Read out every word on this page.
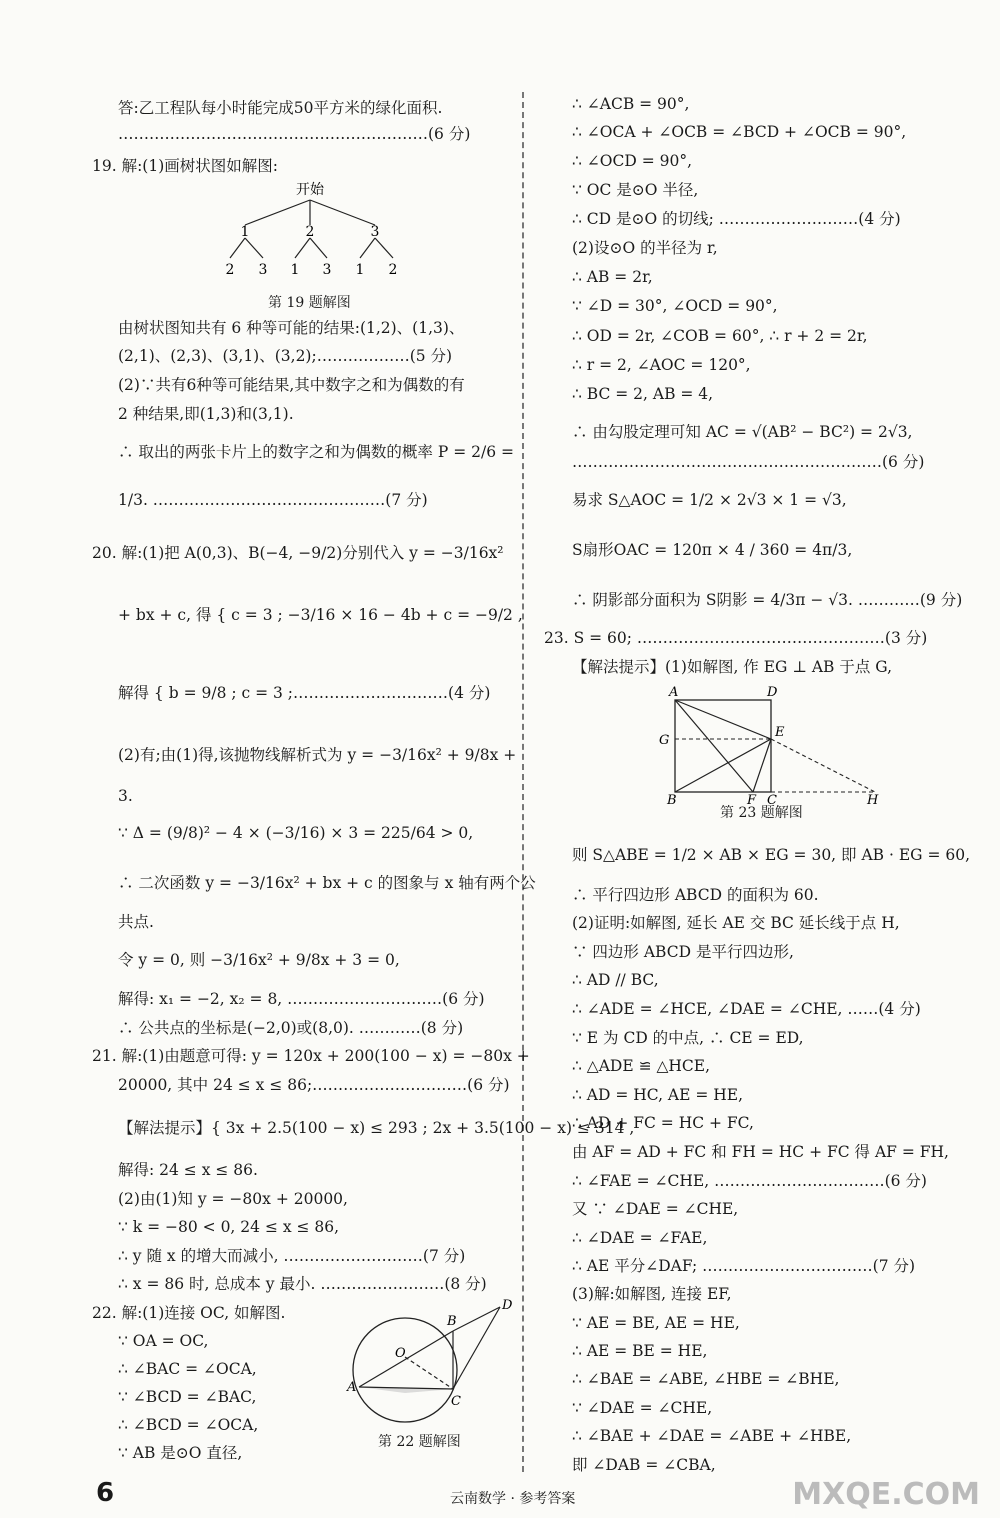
开始
1	2	3
2 3 1 3 1 2
第 19 题解图
D
B
O
A
C
第 22 题解图
A	D
G
E
B	F C	H
第 23 题解图
6	云南数学 · 参考答案	MXQE.COM
答:乙工程队每小时能完成50平方米的绿化面积.
……………………………………………………(6 分)
19. 解:(1)画树状图如解图:
由树状图知共有 6 种等可能的结果:(1,2)、(1,3)、
(2,1)、(2,3)、(3,1)、(3,2);………………(5 分)
(2)∵共有6种等可能结果,其中数字之和为偶数的有
2 种结果,即(1,3)和(3,1).
∴ 取出的两张卡片上的数字之和为偶数的概率 P = 2/6 =
1/3. ………………………………………(7 分)
20. 解:(1)把 A(0,3)、B(−4, −9/2)分别代入 y = −3/16x²
+ bx + c, 得 { c = 3 ; −3/16 × 16 − 4b + c = −9/2 ,
解得 { b = 9/8 ; c = 3 ;…………………………(4 分)
(2)有;由(1)得,该抛物线解析式为 y = −3/16x² + 9/8x +
3.
∵ Δ = (9/8)² − 4 × (−3/16) × 3 = 225/64 > 0,
∴ 二次函数 y = −3/16x² + bx + c 的图象与 x 轴有两个公
共点.
令 y = 0, 则 −3/16x² + 9/8x + 3 = 0,
解得: x₁ = −2, x₂ = 8, …………………………(6 分)
∴ 公共点的坐标是(−2,0)或(8,0). …………(8 分)
21. 解:(1)由题意可得: y = 120x + 200(100 − x) = −80x +
20000, 其中 24 ≤ x ≤ 86;…………………………(6 分)
【解法提示】{ 3x + 2.5(100 − x) ≤ 293 ; 2x + 3.5(100 − x) ≤ 314 ,
解得: 24 ≤ x ≤ 86.
(2)由(1)知 y = −80x + 20000,
∵ k = −80 < 0, 24 ≤ x ≤ 86,
∴ y 随 x 的增大而减小, ………………………(7 分)
∴ x = 86 时, 总成本 y 最小. ……………………(8 分)
22. 解:(1)连接 OC, 如解图.
∵ OA = OC,
∴ ∠BAC = ∠OCA,
∵ ∠BCD = ∠BAC,
∴ ∠BCD = ∠OCA,
∵ AB 是⊙O 直径,
∴ ∠ACB = 90°,
∴ ∠OCA + ∠OCB = ∠BCD + ∠OCB = 90°,
∴ ∠OCD = 90°,
∵ OC 是⊙O 半径,
∴ CD 是⊙O 的切线; ………………………(4 分)
(2)设⊙O 的半径为 r,
∴ AB = 2r,
∵ ∠D = 30°, ∠OCD = 90°,
∴ OD = 2r, ∠COB = 60°, ∴ r + 2 = 2r,
∴ r = 2, ∠AOC = 120°,
∴ BC = 2, AB = 4,
∴ 由勾股定理可知 AC = √(AB² − BC²) = 2√3,
……………………………………………………(6 分)
易求 S△AOC = 1/2 × 2√3 × 1 = √3,
S扇形OAC = 120π × 4 / 360 = 4π/3,
∴ 阴影部分面积为 S阴影 = 4/3π − √3. …………(9 分)
23. S = 60; …………………………………………(3 分)
【解法提示】(1)如解图, 作 EG ⊥ AB 于点 G,
则 S△ABE = 1/2 × AB × EG = 30, 即 AB · EG = 60,
∴ 平行四边形 ABCD 的面积为 60.
(2)证明:如解图, 延长 AE 交 BC 延长线于点 H,
∵ 四边形 ABCD 是平行四边形,
∴ AD // BC,
∴ ∠ADE = ∠HCE, ∠DAE = ∠CHE, ……(4 分)
∵ E 为 CD 的中点, ∴ CE = ED,
∴ △ADE ≌ △HCE,
∴ AD = HC, AE = HE,
∴ AD + FC = HC + FC,
由 AF = AD + FC 和 FH = HC + FC 得 AF = FH,
∴ ∠FAE = ∠CHE, ……………………………(6 分)
又 ∵ ∠DAE = ∠CHE,
∴ ∠DAE = ∠FAE,
∴ AE 平分∠DAF; ……………………………(7 分)
(3)解:如解图, 连接 EF,
∵ AE = BE, AE = HE,
∴ AE = BE = HE,
∴ ∠BAE = ∠ABE, ∠HBE = ∠BHE,
∵ ∠DAE = ∠CHE,
∴ ∠BAE + ∠DAE = ∠ABE + ∠HBE,
即 ∠DAB = ∠CBA,
